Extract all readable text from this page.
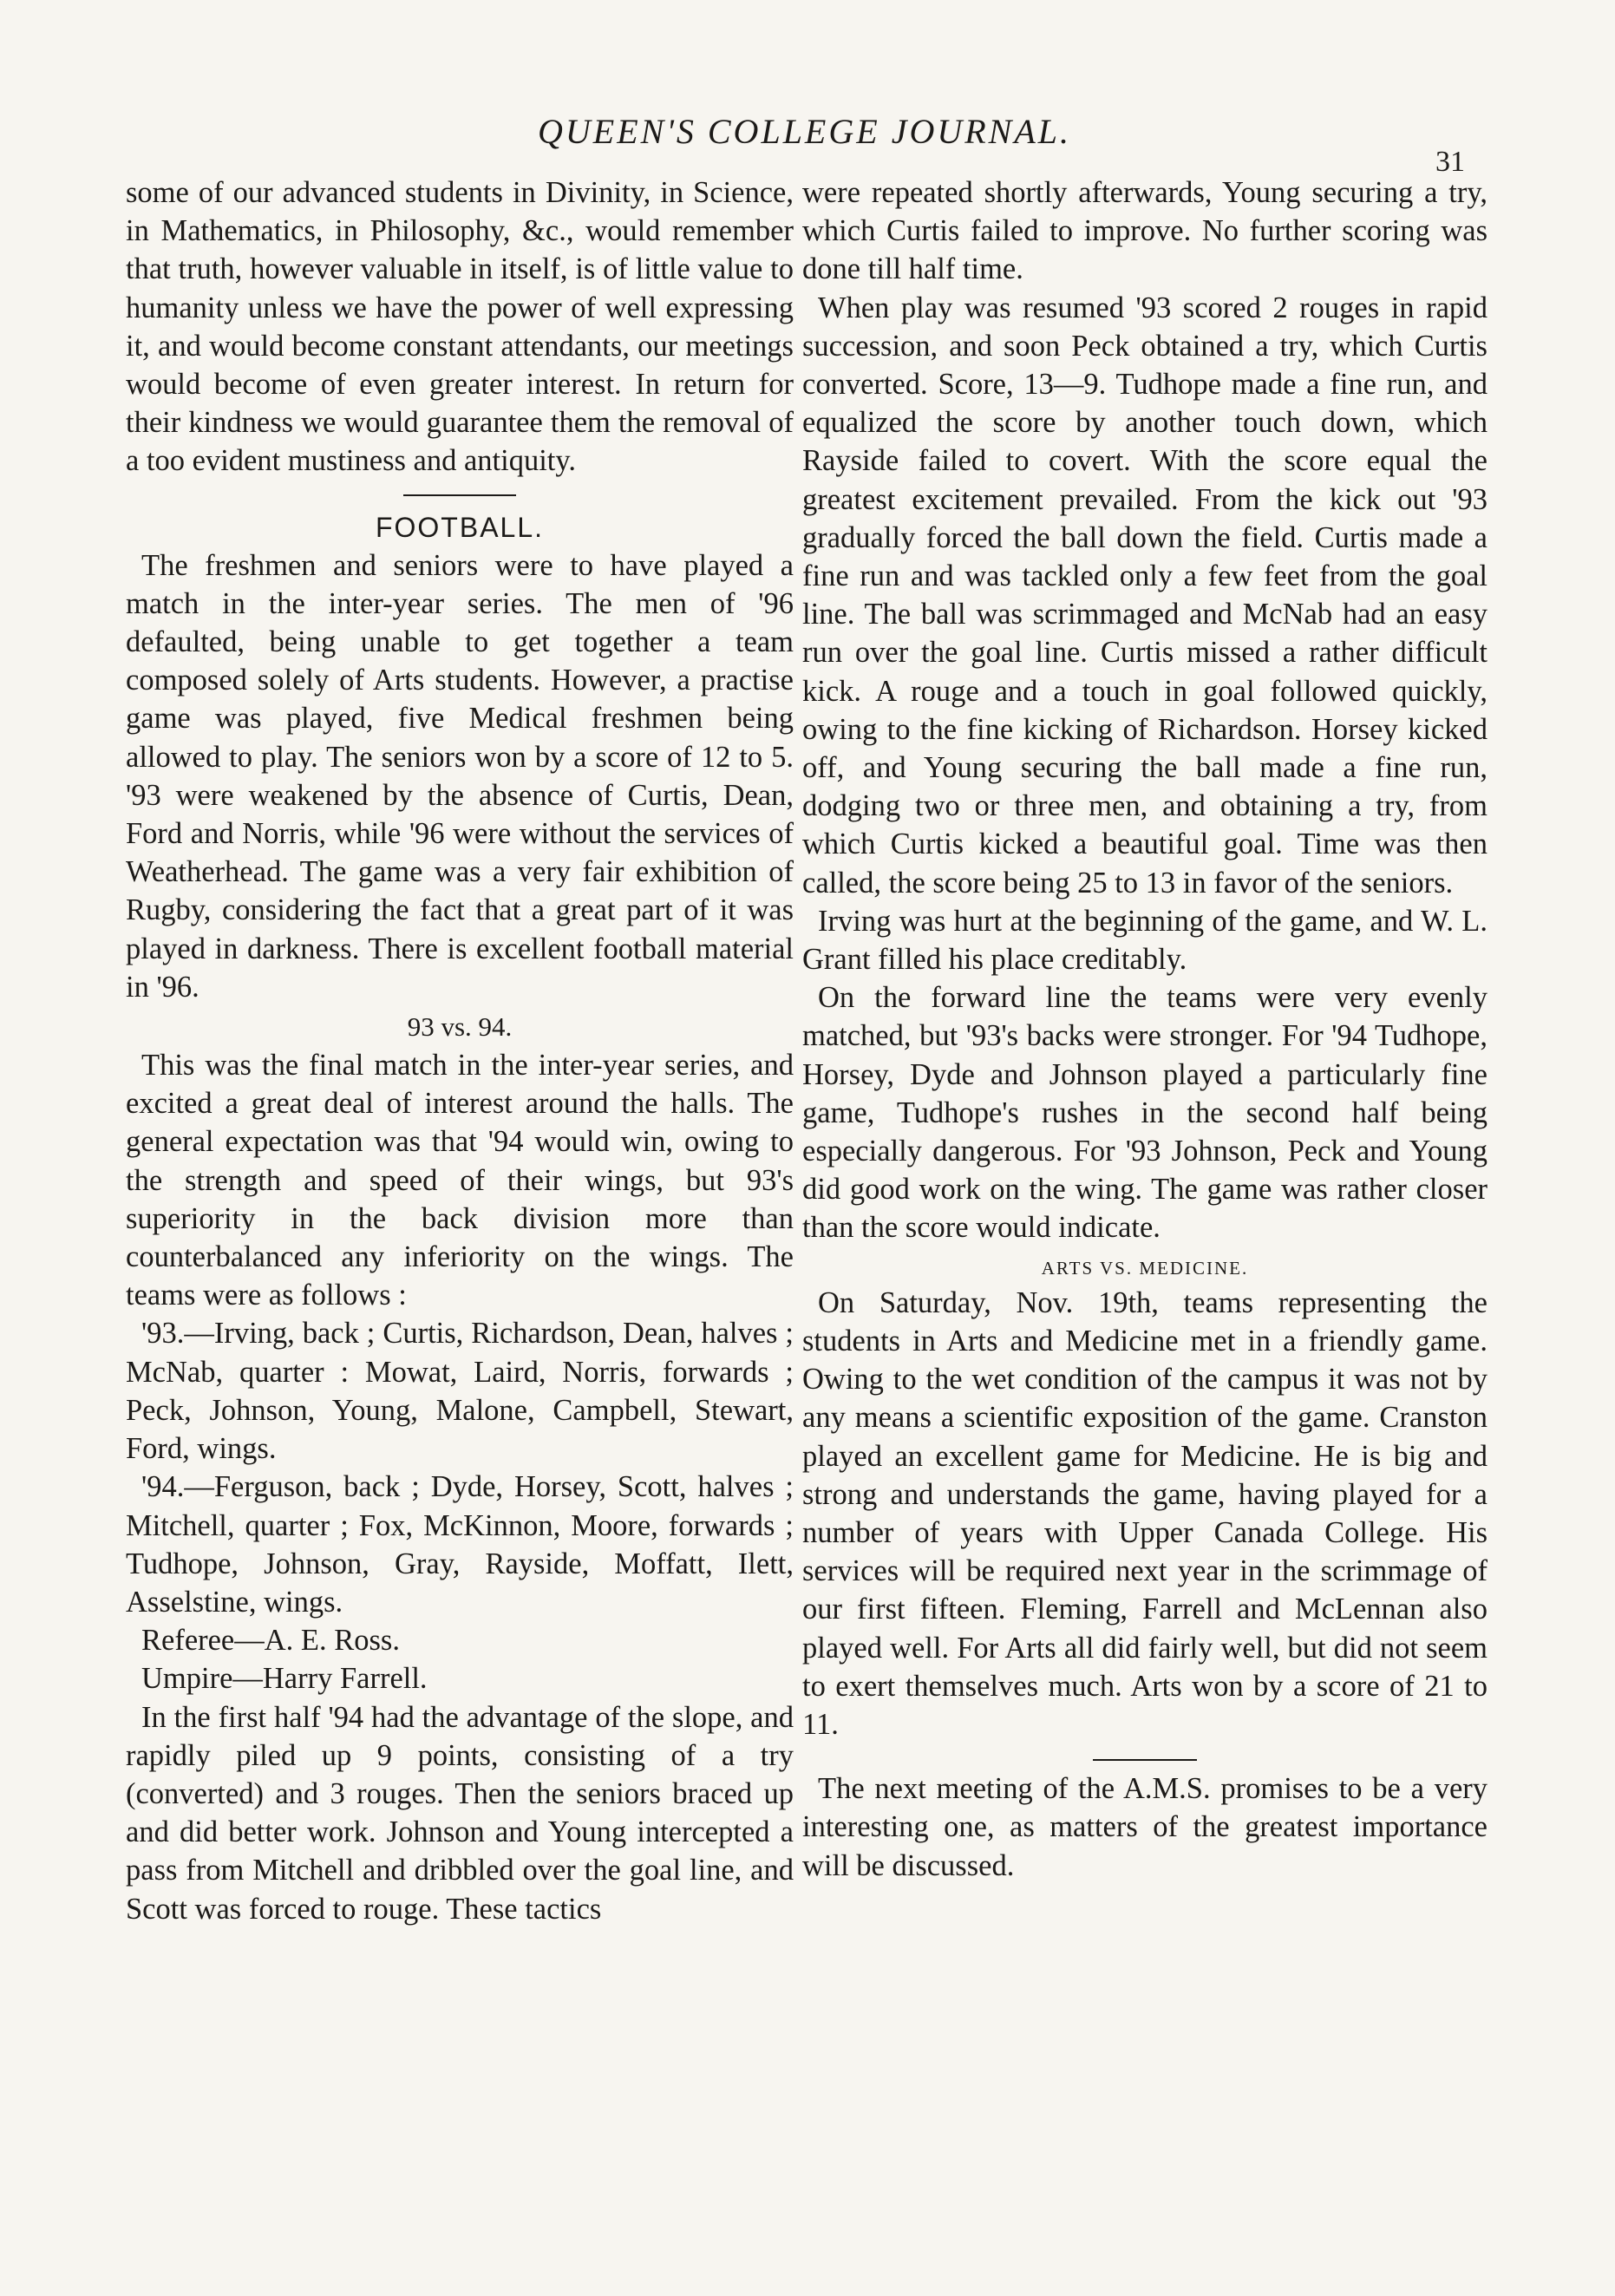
QUEEN'S COLLEGE JOURNAL.
31

some of our advanced students in Divinity, in Science, in Mathematics, in Philosophy, &c., would remember that truth, however valuable in itself, is of little value to humanity unless we have the power of well expressing it, and would become constant attendants, our meetings would become of even greater interest. In return for their kindness we would guarantee them the removal of a too evident mustiness and antiquity.

FOOTBALL.

The freshmen and seniors were to have played a match in the inter-year series. The men of '96 defaulted, being unable to get together a team composed solely of Arts students. However, a practise game was played, five Medical freshmen being allowed to play. The seniors won by a score of 12 to 5. '93 were weakened by the absence of Curtis, Dean, Ford and Norris, while '96 were without the services of Weatherhead. The game was a very fair exhibition of Rugby, considering the fact that a great part of it was played in darkness. There is excellent football material in '96.

93 vs. 94.

This was the final match in the inter-year series, and excited a great deal of interest around the halls. The general expectation was that '94 would win, owing to the strength and speed of their wings, but 93's superiority in the back division more than counterbalanced any inferiority on the wings. The teams were as follows :

'93.—Irving, back ; Curtis, Richardson, Dean, halves ; McNab, quarter : Mowat, Laird, Norris, forwards ; Peck, Johnson, Young, Malone, Campbell, Stewart, Ford, wings.

'94.—Ferguson, back ; Dyde, Horsey, Scott, halves ; Mitchell, quarter ; Fox, McKinnon, Moore, forwards ; Tudhope, Johnson, Gray, Rayside, Moffatt, Ilett, Asselstine, wings.

Referee—A. E. Ross.

Umpire—Harry Farrell.

In the first half '94 had the advantage of the slope, and rapidly piled up 9 points, consisting of a try (converted) and 3 rouges. Then the seniors braced up and did better work. Johnson and Young intercepted a pass from Mitchell and dribbled over the goal line, and Scott was forced to rouge. These tactics

were repeated shortly afterwards, Young securing a try, which Curtis failed to improve. No further scoring was done till half time.

When play was resumed '93 scored 2 rouges in rapid succession, and soon Peck obtained a try, which Curtis converted. Score, 13—9. Tudhope made a fine run, and equalized the score by another touch down, which Rayside failed to covert. With the score equal the greatest excitement prevailed. From the kick out '93 gradually forced the ball down the field. Curtis made a fine run and was tackled only a few feet from the goal line. The ball was scrimmaged and McNab had an easy run over the goal line. Curtis missed a rather difficult kick. A rouge and a touch in goal followed quickly, owing to the fine kicking of Richardson. Horsey kicked off, and Young securing the ball made a fine run, dodging two or three men, and obtaining a try, from which Curtis kicked a beautiful goal. Time was then called, the score being 25 to 13 in favor of the seniors.

Irving was hurt at the beginning of the game, and W. L. Grant filled his place creditably.

On the forward line the teams were very evenly matched, but '93's backs were stronger. For '94 Tudhope, Horsey, Dyde and Johnson played a particularly fine game, Tudhope's rushes in the second half being especially dangerous. For '93 Johnson, Peck and Young did good work on the wing. The game was rather closer than the score would indicate.

ARTS VS. MEDICINE.

On Saturday, Nov. 19th, teams representing the students in Arts and Medicine met in a friendly game. Owing to the wet condition of the campus it was not by any means a scientific exposition of the game. Cranston played an excellent game for Medicine. He is big and strong and understands the game, having played for a number of years with Upper Canada College. His services will be required next year in the scrimmage of our first fifteen. Fleming, Farrell and McLennan also played well. For Arts all did fairly well, but did not seem to exert themselves much. Arts won by a score of 21 to 11.

The next meeting of the A.M.S. promises to be a very interesting one, as matters of the greatest importance will be discussed.
